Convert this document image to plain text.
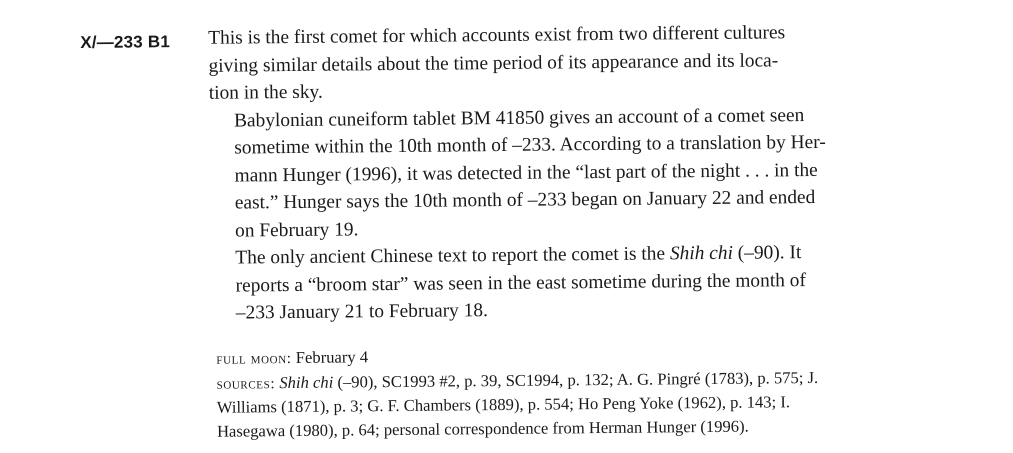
X/—233 B1 This is the first comet for which accounts exist from two different cultures
giving similar details about the time period of its appearance and its loca-
tion in the sky.

Babylonian cuneiform tablet BM 41850 gives an account of a comet seen
sometime within the 10th month of –233. According to a translation by Her-
mann Hunger (1996), it was detected in the “last part of the night . . . in the
east.” Hunger says the 10th month of –233 began on January 22 and ended
on February 19.

The only ancient Chinese text to report the comet is the Shih chi (–90). It
reports a “broom star” was seen in the east sometime during the month of
–233 January 21 to February 18.

full moon: February 4
sources: Shih chi (–90), SC1993 #2, p. 39, SC1994, p. 132; A. G. Pingré (1783), p. 575; J.
Williams (1871), p. 3; G. F. Chambers (1889), p. 554; Ho Peng Yoke (1962), p. 143; I.
Hasegawa (1980), p. 64; personal correspondence from Herman Hunger (1996).
